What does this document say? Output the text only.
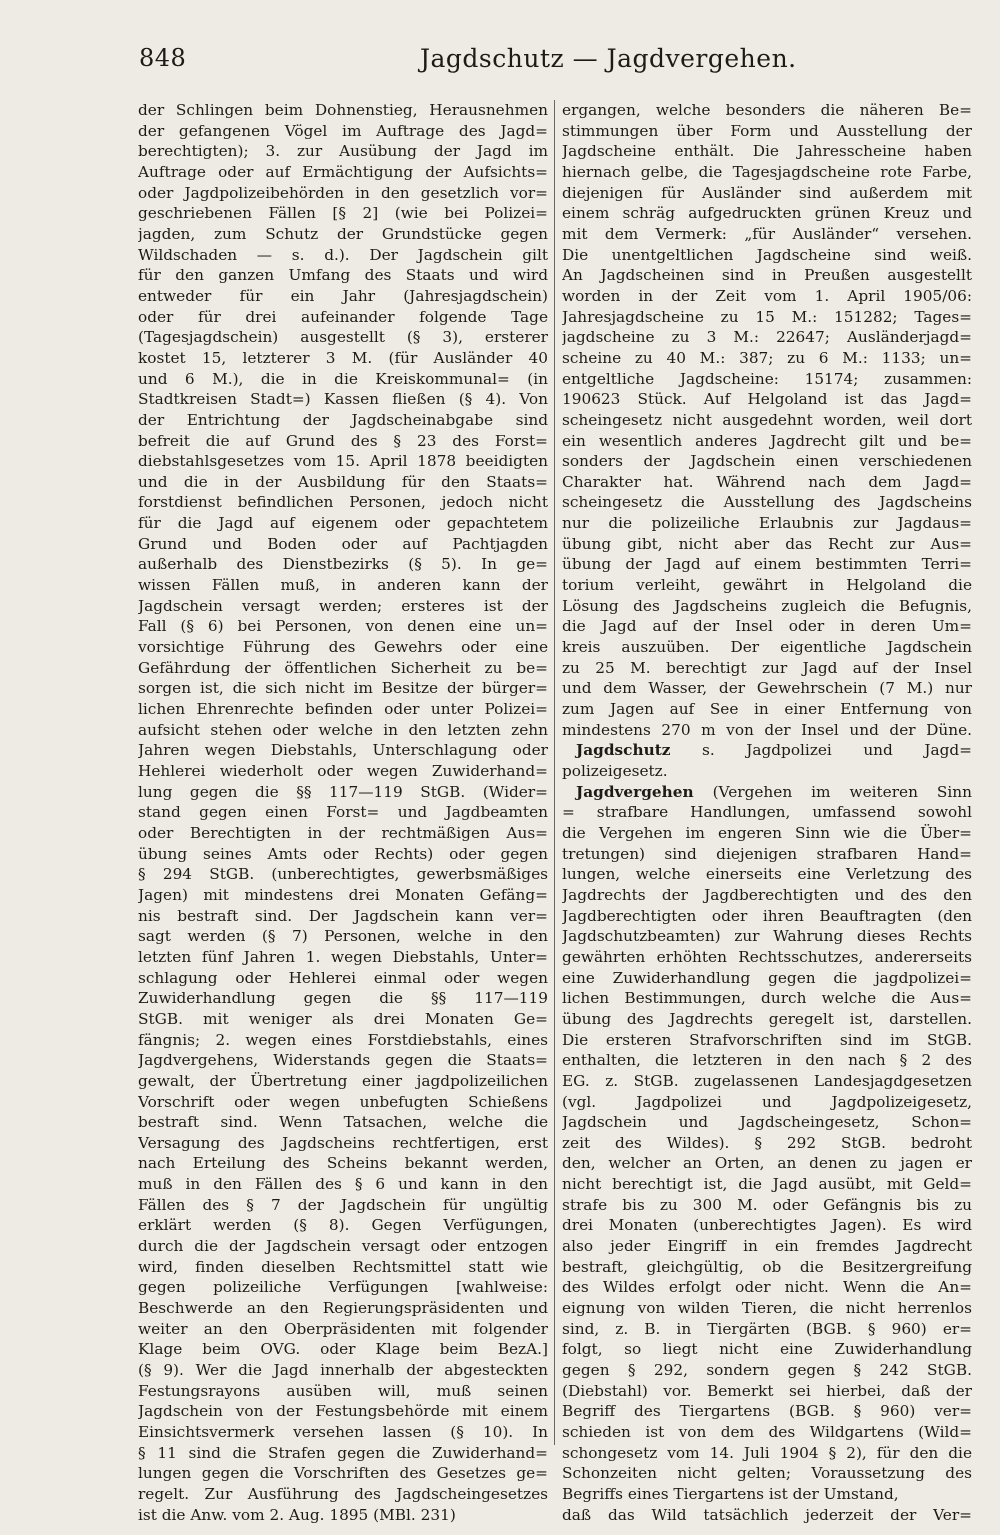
848	Jagdschutz — Jagdvergehen.
der Schlingen beim Dohnenstieg, Herausnehmen
der gefangenen Vögel im Auftrage des Jagd=
berechtigten); 3. zur Ausübung der Jagd im
Auftrage oder auf Ermächtigung der Aufsichts=
oder Jagdpolizeibehörden in den gesetzlich vor=
geschriebenen Fällen [§ 2] (wie bei Polizei=
jagden, zum Schutz der Grundstücke gegen
Wildschaden — s. d.). Der Jagdschein gilt
für den ganzen Umfang des Staats und wird
entweder für ein Jahr (Jahresjagdschein)
oder für drei aufeinander folgende Tage
(Tagesjagdschein) ausgestellt (§ 3), ersterer
kostet 15, letzterer 3 M. (für Ausländer 40
und 6 M.), die in die Kreiskommunal= (in
Stadtkreisen Stadt=) Kassen fließen (§ 4). Von
der Entrichtung der Jagdscheinabgabe sind
befreit die auf Grund des § 23 des Forst=
diebstahlsgesetzes vom 15. April 1878 beeidigten
und die in der Ausbildung für den Staats=
forstdienst befindlichen Personen, jedoch nicht
für die Jagd auf eigenem oder gepachtetem
Grund und Boden oder auf Pachtjagden
außerhalb des Dienstbezirks (§ 5). In ge=
wissen Fällen muß, in anderen kann der
Jagdschein versagt werden; ersteres ist der
Fall (§ 6) bei Personen, von denen eine un=
vorsichtige Führung des Gewehrs oder eine
Gefährdung der öffentlichen Sicherheit zu be=
sorgen ist, die sich nicht im Besitze der bürger=
lichen Ehrenrechte befinden oder unter Polizei=
aufsicht stehen oder welche in den letzten zehn
Jahren wegen Diebstahls, Unterschlagung oder
Hehlerei wiederholt oder wegen Zuwiderhand=
lung gegen die §§ 117—119 StGB. (Wider=
stand gegen einen Forst= und Jagdbeamten
oder Berechtigten in der rechtmäßigen Aus=
übung seines Amts oder Rechts) oder gegen
§ 294 StGB. (unberechtigtes, gewerbsmäßiges
Jagen) mit mindestens drei Monaten Gefäng=
nis bestraft sind. Der Jagdschein kann ver=
sagt werden (§ 7) Personen, welche in den
letzten fünf Jahren 1. wegen Diebstahls, Unter=
schlagung oder Hehlerei einmal oder wegen
Zuwiderhandlung gegen die §§ 117—119
StGB. mit weniger als drei Monaten Ge=
fängnis; 2. wegen eines Forstdiebstahls, eines
Jagdvergehens, Widerstands gegen die Staats=
gewalt, der Übertretung einer jagdpolizeilichen
Vorschrift oder wegen unbefugten Schießens
bestraft sind. Wenn Tatsachen, welche die
Versagung des Jagdscheins rechtfertigen, erst
nach Erteilung des Scheins bekannt werden,
muß in den Fällen des § 6 und kann in den
Fällen des § 7 der Jagdschein für ungültig
erklärt werden (§ 8). Gegen Verfügungen,
durch die der Jagdschein versagt oder entzogen
wird, finden dieselben Rechtsmittel statt wie
gegen polizeiliche Verfügungen [wahlweise:
Beschwerde an den Regierungspräsidenten und
weiter an den Oberpräsidenten mit folgender
Klage beim OVG. oder Klage beim BezA.]
(§ 9). Wer die Jagd innerhalb der abgesteckten
Festungsrayons ausüben will, muß seinen
Jagdschein von der Festungsbehörde mit einem
Einsichtsvermerk versehen lassen (§ 10). In
§ 11 sind die Strafen gegen die Zuwiderhand=
lungen gegen die Vorschriften des Gesetzes ge=
regelt. Zur Ausführung des Jagdscheingesetzes
ist die Anw. vom 2. Aug. 1895 (MBl. 231)
ergangen, welche besonders die näheren Be=
stimmungen über Form und Ausstellung der
Jagdscheine enthält. Die Jahresscheine haben
hiernach gelbe, die Tagesjagdscheine rote Farbe,
diejenigen für Ausländer sind außerdem mit
einem schräg aufgedruckten grünen Kreuz und
mit dem Vermerk: „für Ausländer“ versehen.
Die unentgeltlichen Jagdscheine sind weiß.
An Jagdscheinen sind in Preußen ausgestellt
worden in der Zeit vom 1. April 1905/06:
Jahresjagdscheine zu 15 M.: 151282; Tages=
jagdscheine zu 3 M.: 22647; Ausländerjagd=
scheine zu 40 M.: 387; zu 6 M.: 1133; un=
entgeltliche Jagdscheine: 15174; zusammen:
190623 Stück. Auf Helgoland ist das Jagd=
scheingesetz nicht ausgedehnt worden, weil dort
ein wesentlich anderes Jagdrecht gilt und be=
sonders der Jagdschein einen verschiedenen
Charakter hat. Während nach dem Jagd=
scheingesetz die Ausstellung des Jagdscheins
nur die polizeiliche Erlaubnis zur Jagdaus=
übung gibt, nicht aber das Recht zur Aus=
übung der Jagd auf einem bestimmten Terri=
torium verleiht, gewährt in Helgoland die
Lösung des Jagdscheins zugleich die Befugnis,
die Jagd auf der Insel oder in deren Um=
kreis auszuüben. Der eigentliche Jagdschein
zu 25 M. berechtigt zur Jagd auf der Insel
und dem Wasser, der Gewehrschein (7 M.) nur
zum Jagen auf See in einer Entfernung von
mindestens 270 m von der Insel und der Düne.
Jagdschutz s. Jagdpolizei und Jagd=
polizeigesetz.
Jagdvergehen (Vergehen im weiteren Sinn
= strafbare Handlungen, umfassend sowohl
die Vergehen im engeren Sinn wie die Über=
tretungen) sind diejenigen strafbaren Hand=
lungen, welche einerseits eine Verletzung des
Jagdrechts der Jagdberechtigten und des den
Jagdberechtigten oder ihren Beauftragten (den
Jagdschutzbeamten) zur Wahrung dieses Rechts
gewährten erhöhten Rechtsschutzes, andererseits
eine Zuwiderhandlung gegen die jagdpolizei=
lichen Bestimmungen, durch welche die Aus=
übung des Jagdrechts geregelt ist, darstellen.
Die ersteren Strafvorschriften sind im StGB.
enthalten, die letzteren in den nach § 2 des
EG. z. StGB. zugelassenen Landesjagdgesetzen
(vgl. Jagdpolizei und Jagdpolizeigesetz,
Jagdschein und Jagdscheingesetz, Schon=
zeit des Wildes). § 292 StGB. bedroht
den, welcher an Orten, an denen zu jagen er
nicht berechtigt ist, die Jagd ausübt, mit Geld=
strafe bis zu 300 M. oder Gefängnis bis zu
drei Monaten (unberechtigtes Jagen). Es wird
also jeder Eingriff in ein fremdes Jagdrecht
bestraft, gleichgültig, ob die Besitzergreifung
des Wildes erfolgt oder nicht. Wenn die An=
eignung von wilden Tieren, die nicht herrenlos
sind, z. B. in Tiergärten (BGB. § 960) er=
folgt, so liegt nicht eine Zuwiderhandlung
gegen § 292, sondern gegen § 242 StGB.
(Diebstahl) vor. Bemerkt sei hierbei, daß der
Begriff des Tiergartens (BGB. § 960) ver=
schieden ist von dem des Wildgartens (Wild=
schongesetz vom 14. Juli 1904 § 2), für den die
Schonzeiten nicht gelten; Voraussetzung des
Begriffs eines Tiergartens ist der Umstand,
daß das Wild tatsächlich jederzeit der Ver=
